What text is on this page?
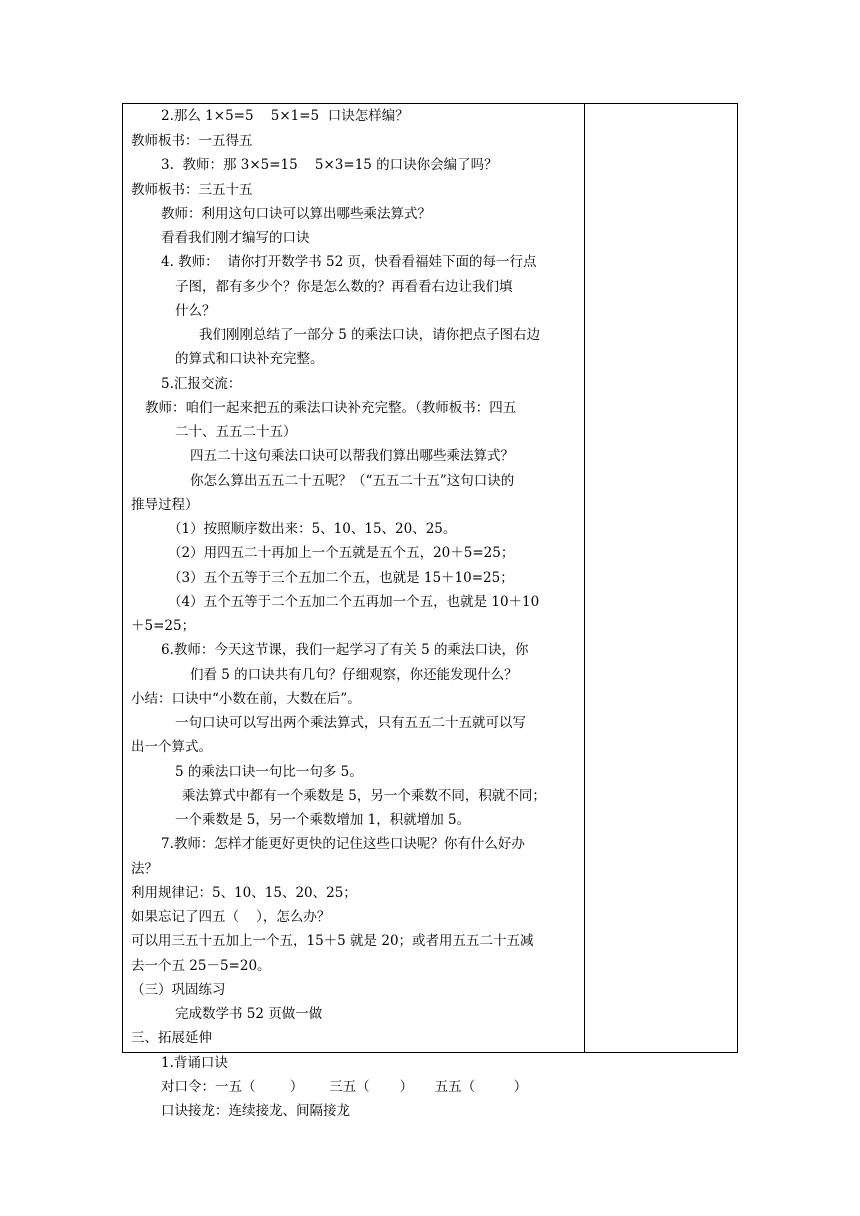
2.那么 1×5=5    5×1=5  口诀怎样编？
教师板书：一五得五
3.  教师：那 3×5=15    5×3=15 的口诀你会编了吗？
教师板书：三五十五
教师：利用这句口诀可以算出哪些乘法算式？
看看我们刚才编写的口诀
4. 教师：  请你打开数学书 52 页，快看看福娃下面的每一行点
子图，都有多少个？你是怎么数的？再看看右边让我们填
什么？
我们刚刚总结了一部分 5 的乘法口诀，请你把点子图右边
的算式和口诀补充完整。
5.汇报交流：
教师：咱们一起来把五的乘法口诀补充完整。（教师板书：四五
二十、五五二十五）
四五二十这句乘法口诀可以帮我们算出哪些乘法算式？
你怎么算出五五二十五呢？（“五五二十五”这句口诀的
推导过程）
（1）按照顺序数出来：5、10、15、20、25。
（2）用四五二十再加上一个五就是五个五，20＋5=25；
（3）五个五等于三个五加二个五，也就是 15＋10=25；
（4）五个五等于二个五加二个五再加一个五，也就是 10＋10
＋5=25；
6.教师：今天这节课，我们一起学习了有关 5 的乘法口诀，你
们看 5 的口诀共有几句？仔细观察，你还能发现什么？
小结：口诀中“小数在前，大数在后”。
一句口诀可以写出两个乘法算式，只有五五二十五就可以写
出一个算式。
5 的乘法口诀一句比一句多 5。
乘法算式中都有一个乘数是 5，另一个乘数不同，积就不同；
一个乘数是 5，另一个乘数增加 1，积就增加 5。
7.教师：怎样才能更好更快的记住这些口诀呢？你有什么好办
法？
利用规律记：5、10、15、20、25；
如果忘记了四五（    ），怎么办？
可以用三五十五加上一个五，15＋5 就是 20；或者用五五二十五减
去一个五 25－5=20。
（三）巩固练习
完成数学书 52 页做一做
三、拓展延伸
1.背诵口诀
对口令：一五（        ）      三五（       ）     五五（         ）
口诀接龙：连续接龙、间隔接龙
